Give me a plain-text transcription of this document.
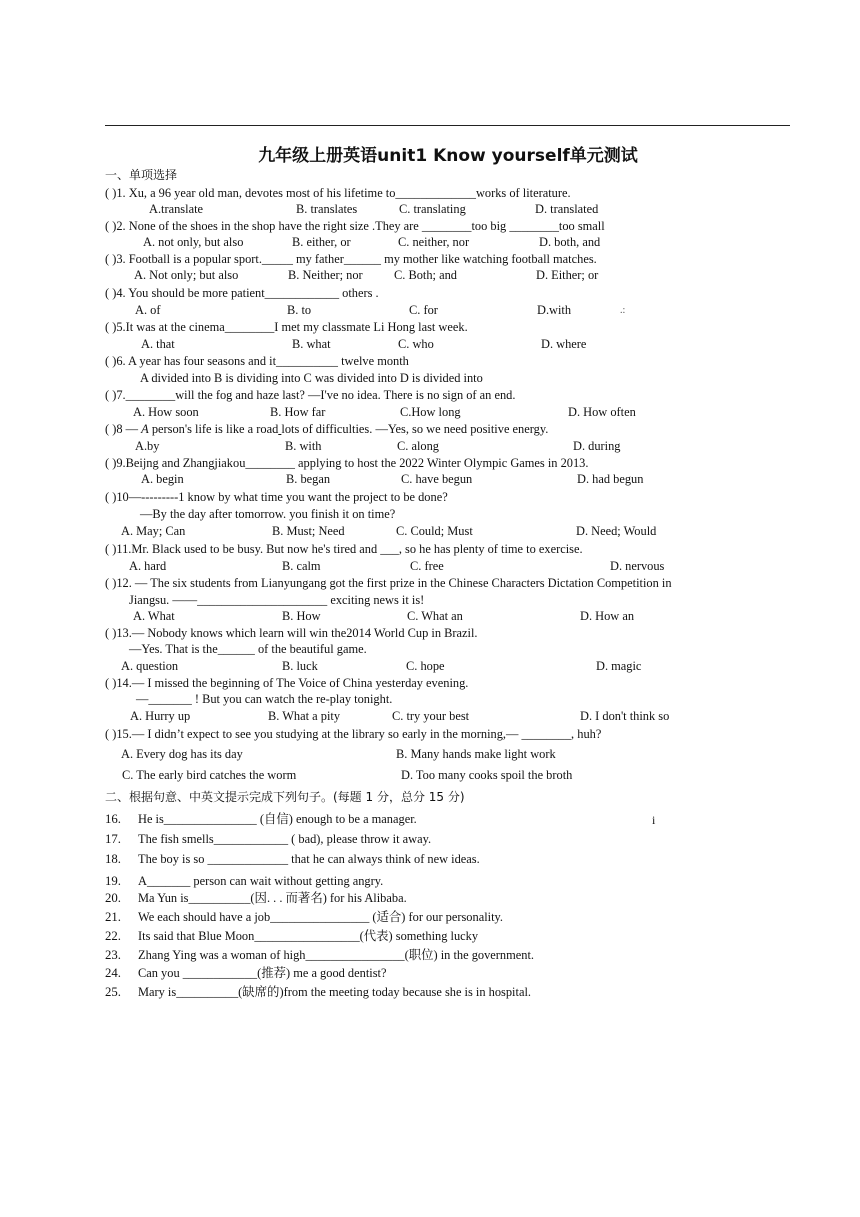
九年级上册英语unit1 Know yourself单元测试
一、单项选择
( )1. Xu, a 96 year old man, devotes most of his lifetime to_____________works of literature.
A.translate	B. translates	C. translating	D. translated
( )2. None of the shoes in the shop have the right size .They are ________too big ________too small
A. not only, but also	B. either, or	C. neither, nor	D. both, and
( )3. Football is a popular sport._____ my father______ my mother like watching football matches.
A. Not only; but also	B. Neither; nor	C. Both; and	D. Either; or
( )4. You should be more patient____________ others .
A. of	B. to	C. for	D.with	.:
( )5.It was at the cinema________I met my classmate Li Hong last week.
A. that	B. what	C. who	D. where
( )6. A year has four seasons and it__________ twelve month
A divided into B is dividing into C was divided into D is divided into
( )7.________will the fog and haze last? —I've no idea. There is no sign of an end.
A. How soon	B. How far	C.How long	D. How often
( )8 — A person's life is like a road lots of difficulties. —Yes, so we need positive energy.
A.by	B. with	C. along	D. during
( )9.Beijng and Zhangjiakou________ applying to host the 2022 Winter Olympic Games in 2013.
A. begin	B. began	C. have begun	D. had begun
( )10—---------1 know by what time you want the project to be done?
—By the day after tomorrow. you finish it on time?
A. May; Can	B. Must; Need	C. Could; Must	D. Need; Would
( )11.Mr. Black used to be busy. But now he's tired and ___, so he has plenty of time to exercise.
A. hard	B. calm	C. free	D. nervous
( )12. — The six students from Lianyungang got the first prize in the Chinese Characters Dictation Competition in
Jiangsu. ——_____________________ exciting news it is!
A. What	B. How	C. What an	D. How an
( )13.— Nobody knows which learn will win the2014 World Cup in Brazil.
—Yes. That is the______ of the beautiful game.
A. question	B. luck	C. hope	D. magic
( )14.— I missed the beginning of The Voice of China yesterday evening.
—_______ ! But you can watch the re-play tonight.
A. Hurry up	B. What a pity	C. try your best	D. I don't think so
( )15.— I didn’t expect to see you studying at the library so early in the morning,— ________, huh?
A. Every dog has its day	B. Many hands make light work
C. The early bird catches the worm	D. Too many cooks spoil the broth
二、根据句意、中英文提示完成下列句子。(每题 1 分，总分 15 分)
16. He is_______________ (自信) enough to be a manager.	i
17. The fish smells____________ ( bad), please throw it away.
18. The boy is so _____________ that he can always think of new ideas.
19. A_______ person can wait without getting angry.
20. Ma Yun is__________(因. . . 而著名) for his Alibaba.
21. We each should have a job________________ (适合) for our personality.
22. Its said that Blue Moon_________________(代表) something lucky
23. Zhang Ying was a woman of high________________(职位) in the government.
24. Can you ____________(推荐) me a good dentist?
25. Mary is__________(缺席的)from the meeting today because she is in hospital.
